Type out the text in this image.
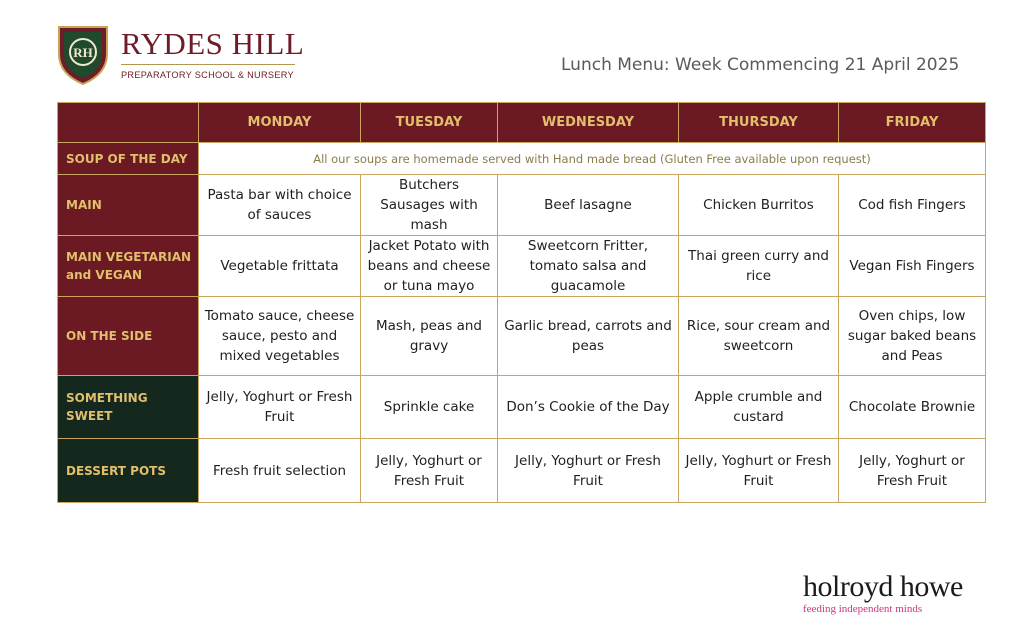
RH RYDES HILL
PREPARATORY SCHOOL & NURSERY	Lunch Menu: Week Commencing 21 April 2025
	MONDAY	TUESDAY	WEDNESDAY	THURSDAY	FRIDAY
SOUP OF THE DAY	All our soups are homemade served with Hand made bread (Gluten Free available upon request)				
MAIN	Pasta bar with choice of sauces	Butchers Sausages with mash	Beef lasagne	Chicken Burritos	Cod fish Fingers
MAIN VEGETARIAN and VEGAN	Vegetable frittata	Jacket Potato with beans and cheese or tuna mayo	Sweetcorn Fritter, tomato salsa and guacamole	Thai green curry and rice	Vegan Fish Fingers
ON THE SIDE	Tomato sauce, cheese sauce, pesto and mixed vegetables	Mash, peas and gravy	Garlic bread, carrots and peas	Rice, sour cream and sweetcorn	Oven chips, low sugar baked beans and Peas
SOMETHING SWEET	Jelly, Yoghurt or Fresh Fruit	Sprinkle cake	Don’s Cookie of the Day	Apple crumble and custard	Chocolate Brownie
DESSERT POTS	Fresh fruit selection	Jelly, Yoghurt or Fresh Fruit	Jelly, Yoghurt or Fresh Fruit	Jelly, Yoghurt or Fresh Fruit	Jelly, Yoghurt or Fresh Fruit
holroyd howe
feeding independent minds
